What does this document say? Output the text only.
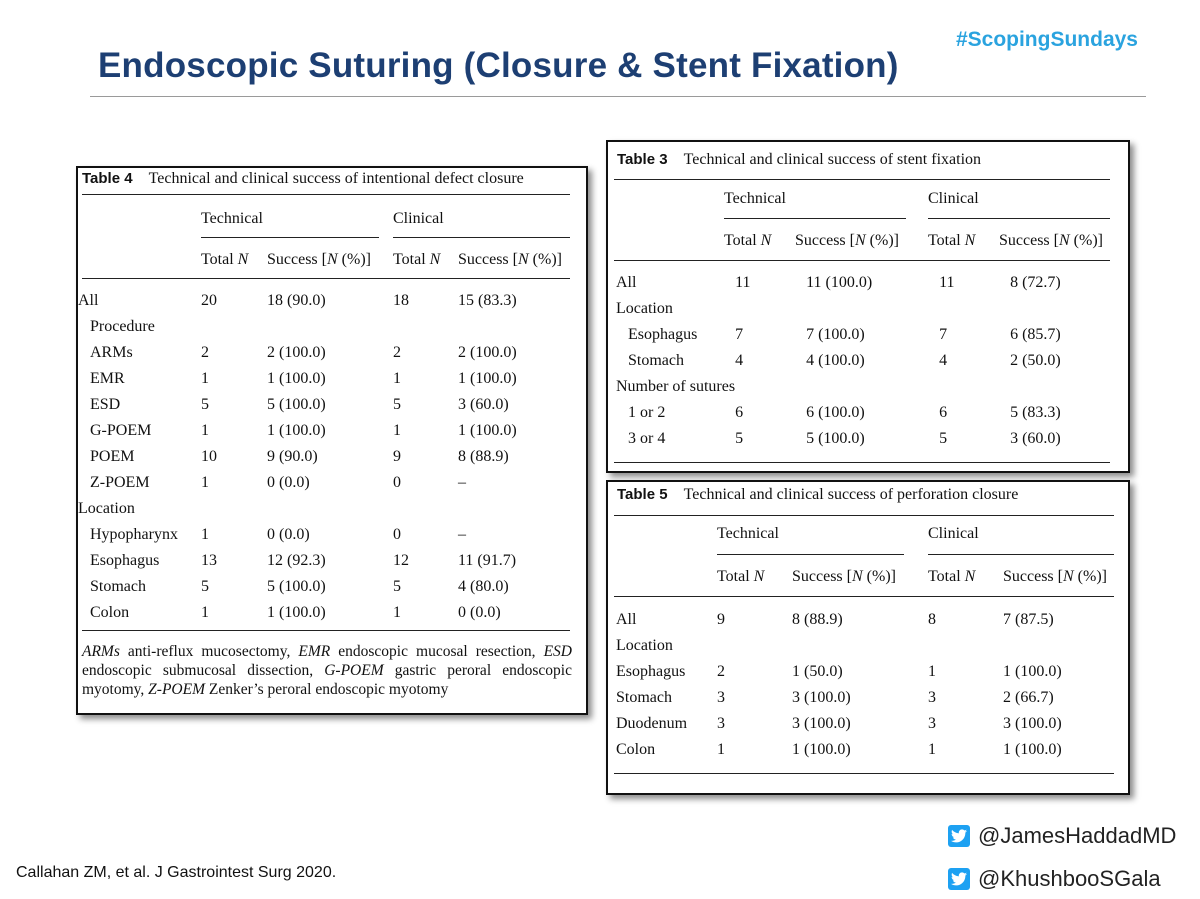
#ScopingSundays
Endoscopic Suturing (Closure & Stent Fixation)
Table 4 Technical and clinical success of intentional defect closure
Technical	Clinical
Total N Success [N (%)] Total N Success [N (%)]
All	20	18 (90.0)	18	15 (83.3)
Procedure				
ARMs	2	2 (100.0)	2	2 (100.0)
EMR	1	1 (100.0)	1	1 (100.0)
ESD	5	5 (100.0)	5	3 (60.0)
G-POEM	1	1 (100.0)	1	1 (100.0)
POEM	10	9 (90.0)	9	8 (88.9)
Z-POEM	1	0 (0.0)	0	–
Location				
Hypopharynx	1	0 (0.0)	0	–
Esophagus	13	12 (92.3)	12	11 (91.7)
Stomach	5	5 (100.0)	5	4 (80.0)
Colon	1	1 (100.0)	1	0 (0.0)
ARMs anti-reflux mucosectomy, EMR endoscopic mucosal resection, ESD endoscopic submucosal dissection, G-POEM gastric peroral endoscopic myotomy, Z-POEM Zenker’s peroral endoscopic myotomy
Table 3 Technical and clinical success of stent fixation
Technical	Clinical
Total N Success [N (%)] Total N Success [N (%)]
All	11	11 (100.0)	11	8 (72.7)
Location				
Esophagus	7	7 (100.0)	7	6 (85.7)
Stomach	4	4 (100.0)	4	2 (50.0)
Number of sutures				
1 or 2	6	6 (100.0)	6	5 (83.3)
3 or 4	5	5 (100.0)	5	3 (60.0)
Table 5 Technical and clinical success of perforation closure
Technical	Clinical
Total N Success [N (%)] Total N Success [N (%)]
All	9	8 (88.9)	8	7 (87.5)
Location				
Esophagus	2	1 (50.0)	1	1 (100.0)
Stomach	3	3 (100.0)	3	2 (66.7)
Duodenum	3	3 (100.0)	3	3 (100.0)
Colon	1	1 (100.0)	1	1 (100.0)
Callahan ZM, et al. J Gastrointest Surg 2020.
@JamesHaddadMD
@KhushbooSGala
